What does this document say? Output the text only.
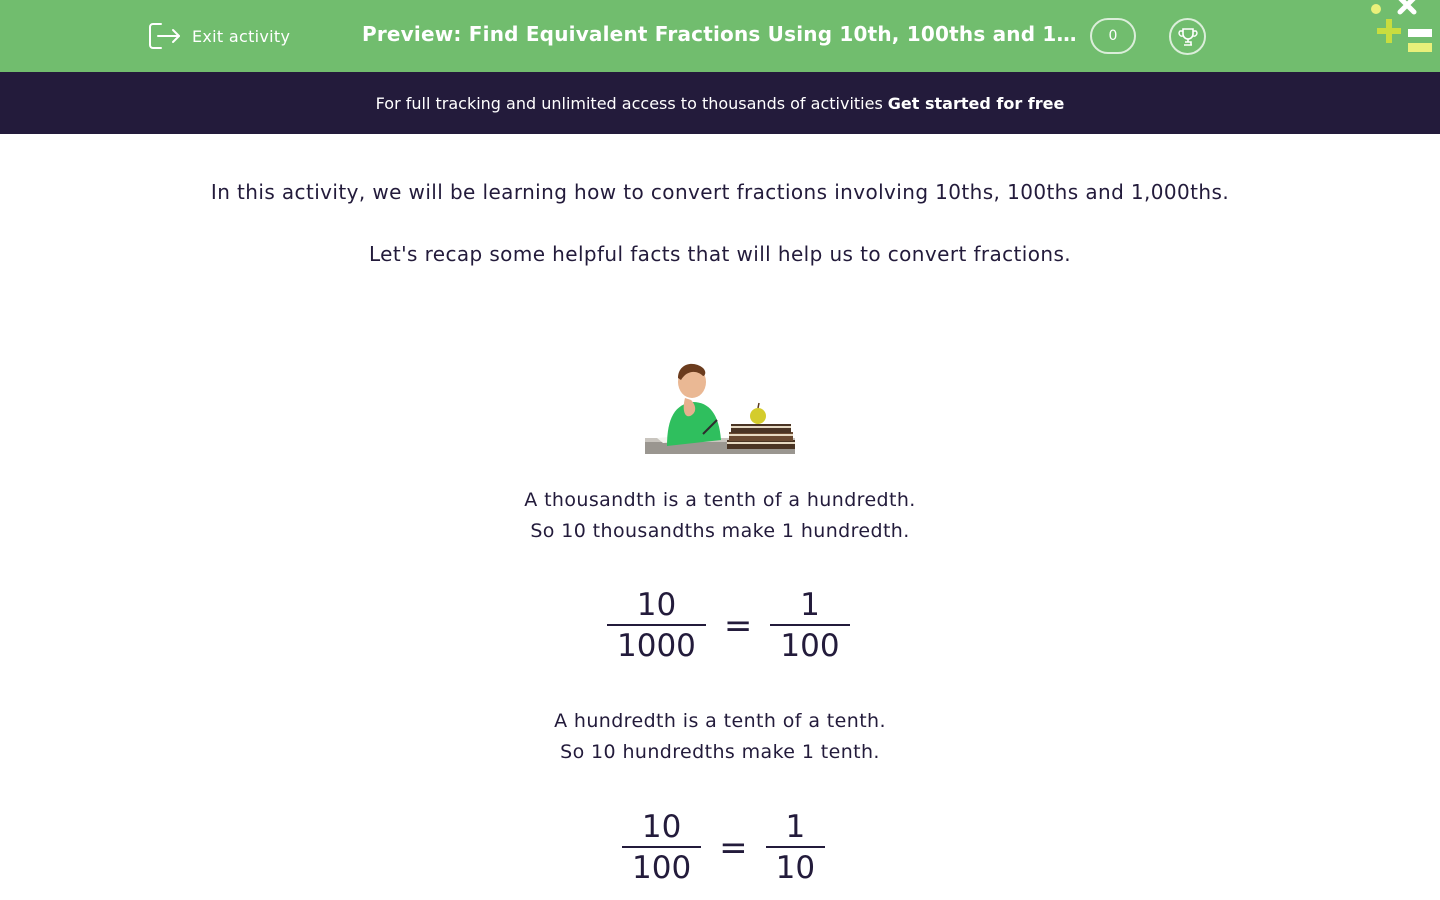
Exit activity	Preview: Find Equivalent Fractions Using 10th, 100ths and 1…	0
For full tracking and unlimited access to thousands of activities Get started for free

In this activity, we will be learning how to convert fractions involving 10ths, 100ths and 1,000ths.

Let's recap some helpful facts that will help us to convert fractions.

A thousandth is a tenth of a hundredth.
So 10 thousandths make 1 hundredth.
$\frac{10}{1000} = \frac{1}{100}$
A hundredth is a tenth of a tenth.
So 10 hundredths make 1 tenth.
$\frac{10}{100} = \frac{1}{10}$
